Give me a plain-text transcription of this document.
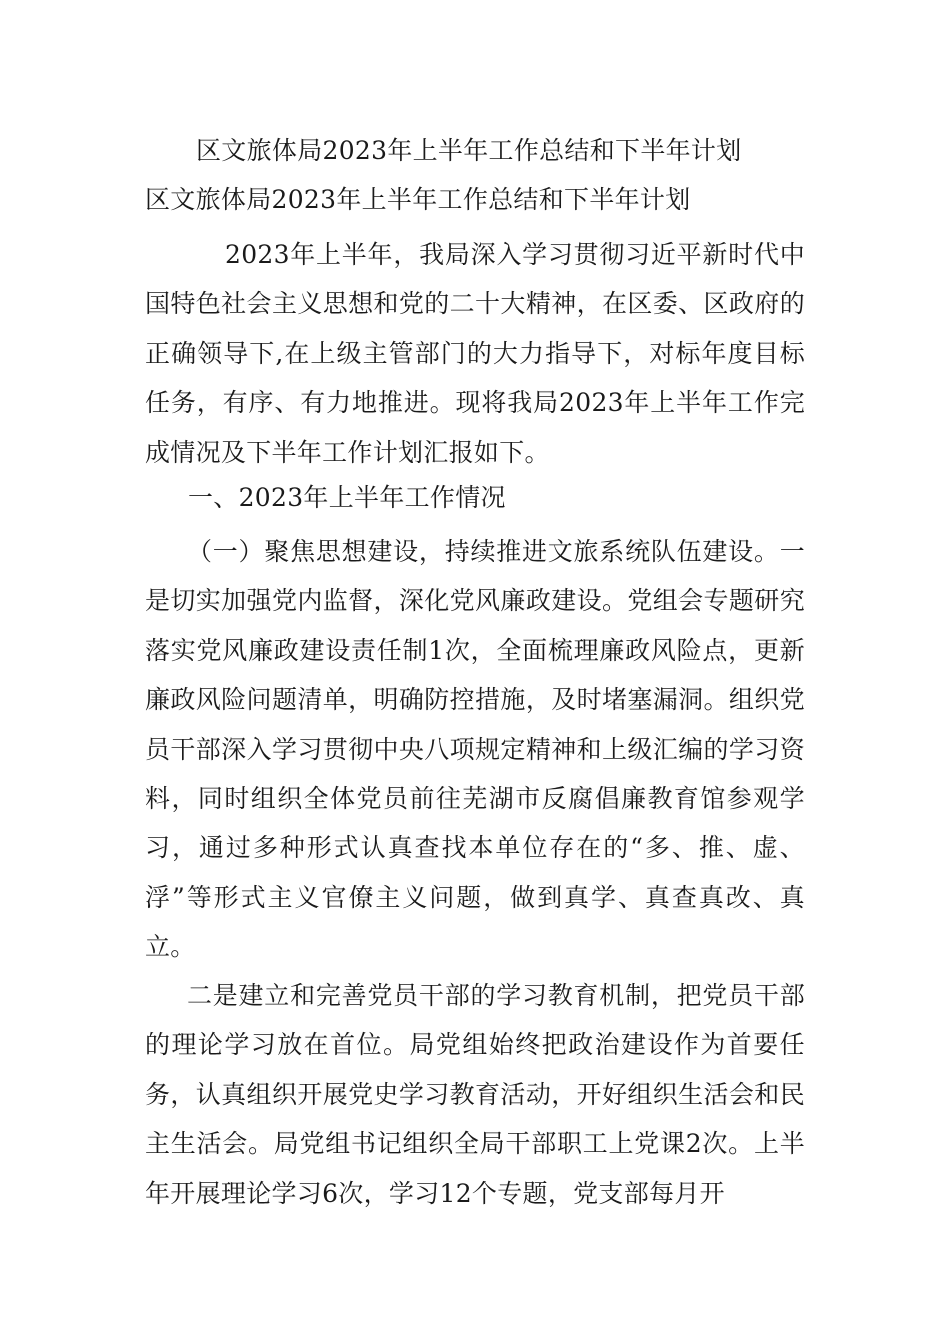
区文旅体局2023年上半年工作总结和下半年计划
区文旅体局2023年上半年工作总结和下半年计划
2023年上半年，我局深入学习贯彻习近平新时代中国特色社会主义思想和党的二十大精神，在区委、区政府的正确领导下,在上级主管部门的大力指导下，对标年度目标任务，有序、有力地推进。现将我局2023年上半年工作完成情况及下半年工作计划汇报如下。
一、2023年上半年工作情况
（一）聚焦思想建设，持续推进文旅系统队伍建设。一是切实加强党内监督，深化党风廉政建设。党组会专题研究落实党风廉政建设责任制1次，全面梳理廉政风险点，更新廉政风险问题清单，明确防控措施，及时堵塞漏洞。组织党员干部深入学习贯彻中央八项规定精神和上级汇编的学习资料，同时组织全体党员前往芜湖市反腐倡廉教育馆参观学习，通过多种形式认真查找本单位存在的“多、推、虚、浮”等形式主义官僚主义问题，做到真学、真查真改、真立。
二是建立和完善党员干部的学习教育机制，把党员干部的理论学习放在首位。局党组始终把政治建设作为首要任务，认真组织开展党史学习教育活动，开好组织生活会和民主生活会。局党组书记组织全局干部职工上党课2次。上半年开展理论学习6次，学习12个专题，党支部每月开
